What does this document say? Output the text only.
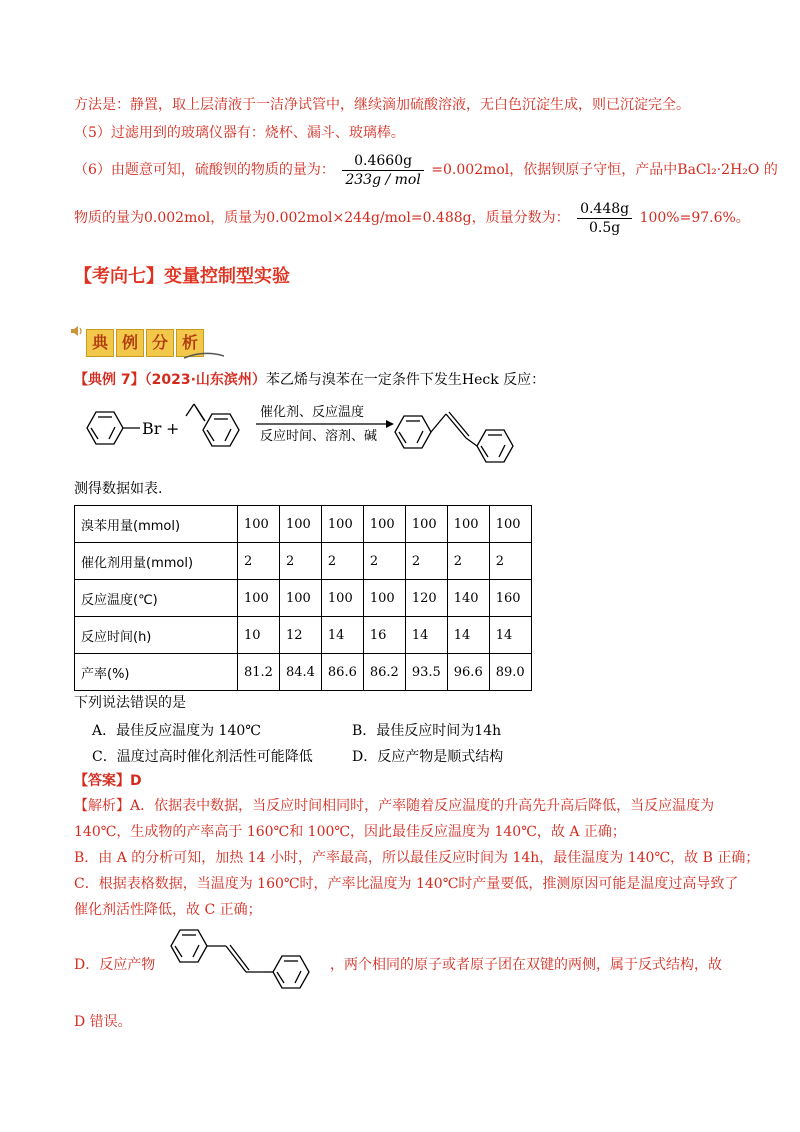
方法是：静置，取上层清液于一洁净试管中，继续滴加硫酸溶液，无白色沉淀生成，则已沉淀完全。
（5）过滤用到的玻璃仪器有：烧杯、漏斗、玻璃棒。
（6）由题意可知，硫酸钡的物质的量为： $\frac{0.4660g}{\text{233g / mol}} =0.002mol$，依据钡原子守恒，产品中BaCl₂·2H₂O 的
物质的量为0.002mol，质量为0.002mol×244g/mol=0.488g，质量分数为： $\frac{0.448g}{0.5g} 100\%=97.6\%$。
【考向七】变量控制型实验
典 例 分 析
【典例 7】（2023·山东滨州）苯乙烯与溴苯在一定条件下发生Heck 反应：
Br +
催化剂、反应温度
反应时间、溶剂、碱
测得数据如表.
溴苯用量(mmol)	100	100	100	100	100	100	100
催化剂用量(mmol)	2	2	2	2	2	2	2
反应温度(℃)	100	100	100	100	120	140	160
反应时间(h)	10	12	14	16	14	14	14
产率(%)	81.2	84.4	86.6	86.2	93.5	96.6	89.0
下列说法错误的是
A．最佳反应温度为 140℃	B．最佳反应时间为14h
C．温度过高时催化剂活性可能降低	D．反应产物是顺式结构
【答案】D
【解析】A．依据表中数据，当反应时间相同时，产率随着反应温度的升高先升高后降低，当反应温度为
140℃，生成物的产率高于 160℃和 100℃，因此最佳反应温度为 140℃，故 A 正确；
B．由 A 的分析可知，加热 14 小时，产率最高，所以最佳反应时间为 14h，最佳温度为 140℃，故 B 正确；
C．根据表格数据，当温度为 160℃时，产率比温度为 140℃时产量要低，推测原因可能是温度过高导致了
催化剂活性降低，故 C 正确；
D．反应产物	，两个相同的原子或者原子团在双键的两侧，属于反式结构，故
D 错误。
